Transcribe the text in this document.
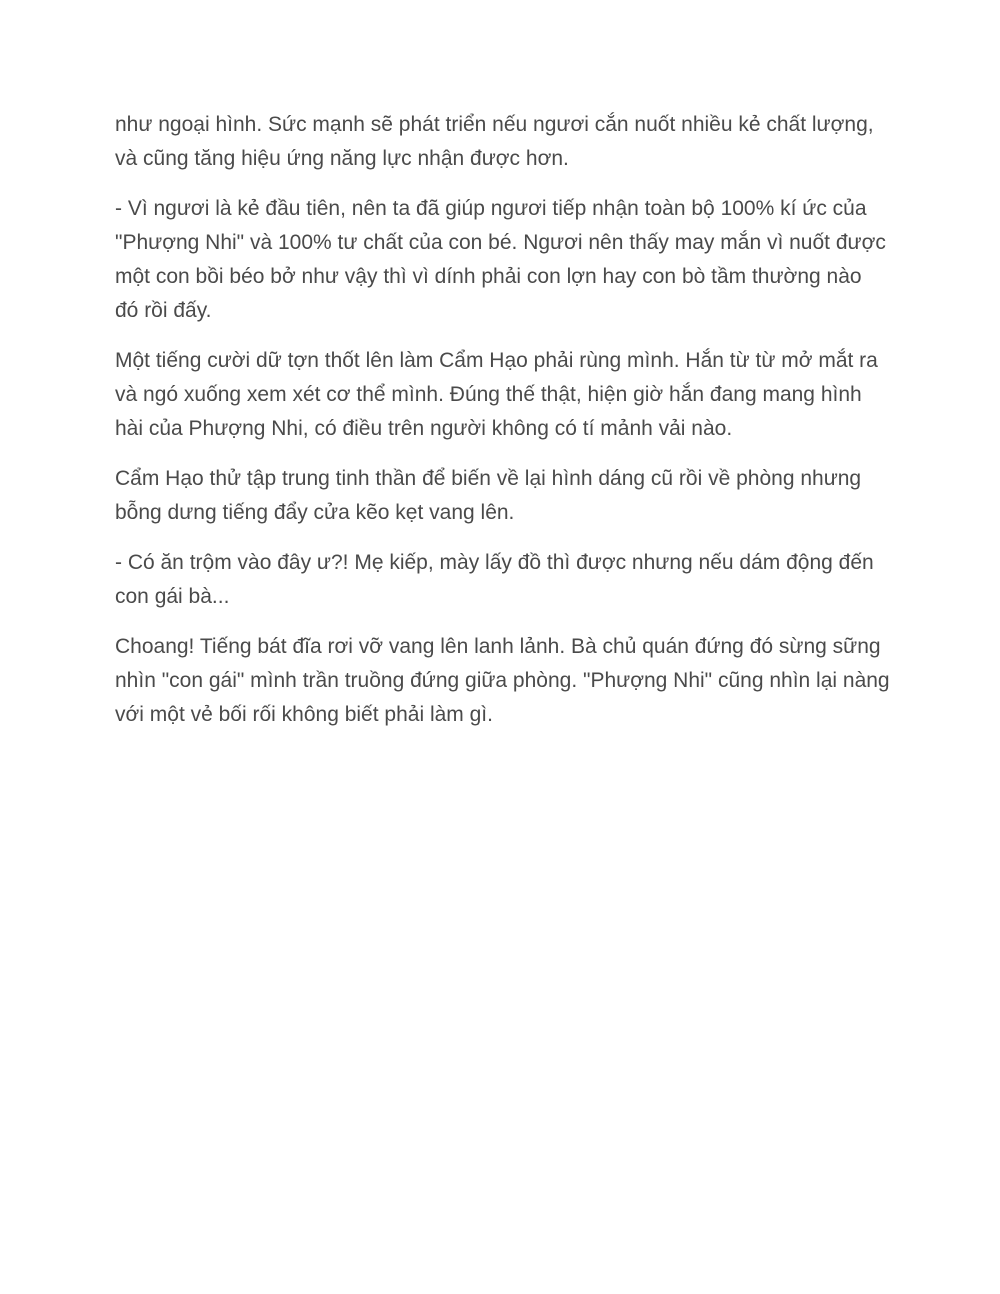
như ngoại hình. Sức mạnh sẽ phát triển nếu ngươi cắn nuốt nhiều kẻ chất lượng, và cũng tăng hiệu ứng năng lực nhận được hơn.

- Vì ngươi là kẻ đầu tiên, nên ta đã giúp ngươi tiếp nhận toàn bộ 100% kí ức của "Phượng Nhi" và 100% tư chất của con bé. Ngươi nên thấy may mắn vì nuốt được một con bồi béo bở như vậy thì vì dính phải con lợn hay con bò tầm thường nào đó rồi đấy.

Một tiếng cười dữ tợn thốt lên làm Cẩm Hạo phải rùng mình. Hắn từ từ mở mắt ra và ngó xuống xem xét cơ thể mình. Đúng thế thật, hiện giờ hắn đang mang hình hài của Phượng Nhi, có điều trên người không có tí mảnh vải nào.

Cẩm Hạo thử tập trung tinh thần để biến về lại hình dáng cũ rồi về phòng nhưng bỗng dưng tiếng đẩy cửa kẽo kẹt vang lên.

- Có ăn trộm vào đây ư?! Mẹ kiếp, mày lấy đồ thì được nhưng nếu dám động đến con gái bà...

Choang! Tiếng bát đĩa rơi vỡ vang lên lanh lảnh. Bà chủ quán đứng đó sừng sững nhìn "con gái" mình trần truồng đứng giữa phòng. "Phượng Nhi" cũng nhìn lại nàng với một vẻ bối rối không biết phải làm gì.
